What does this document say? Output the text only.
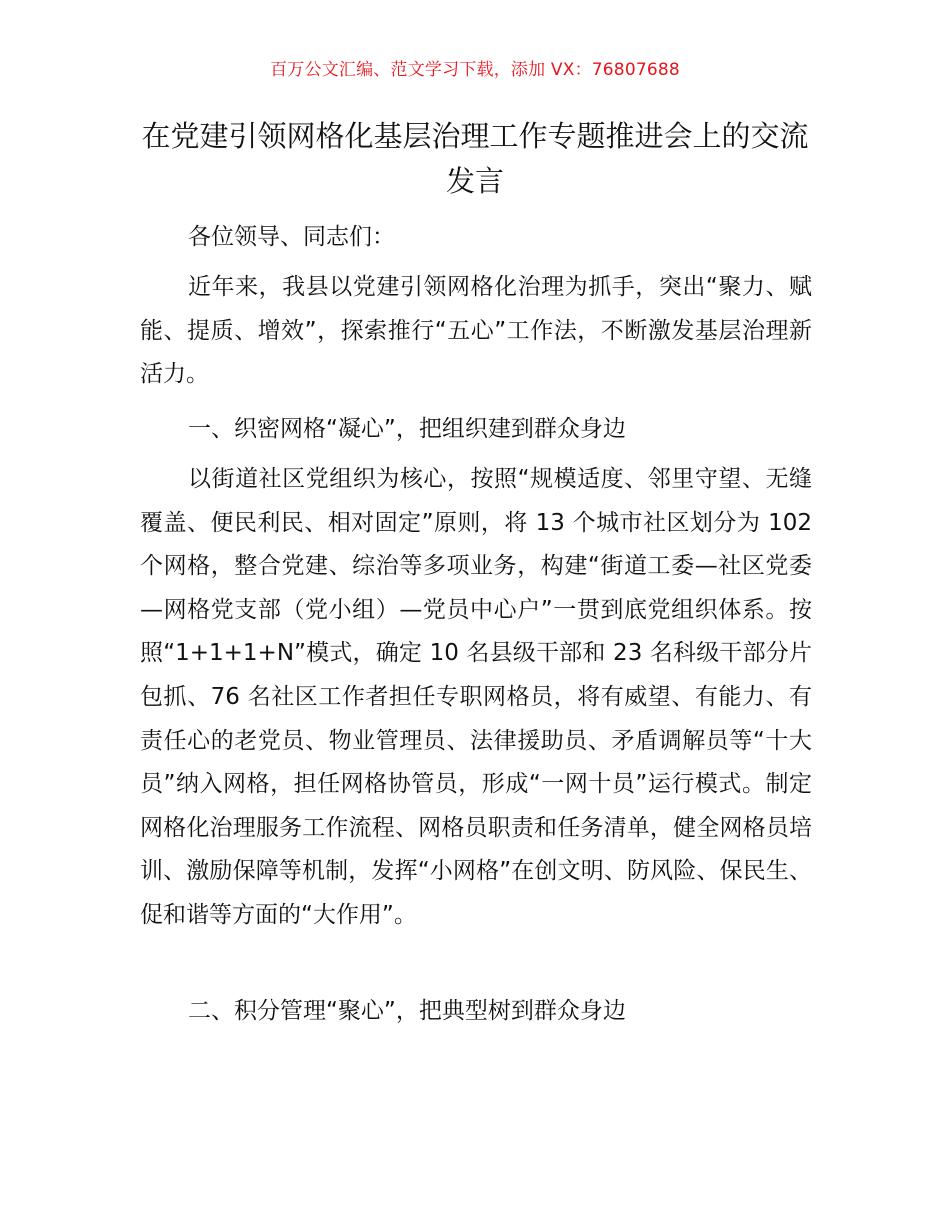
百万公文汇编、范文学习下载，添加 VX：76807688
在党建引领网格化基层治理工作专题推进会上的交流发言

各位领导、同志们：

近年来，我县以党建引领网格化治理为抓手，突出“聚力、赋能、提质、增效”，探索推行“五心”工作法，不断激发基层治理新活力。

一、织密网格“凝心”，把组织建到群众身边

以街道社区党组织为核心，按照“规模适度、邻里守望、无缝覆盖、便民利民、相对固定”原则，将 13 个城市社区划分为 102 个网格，整合党建、综治等多项业务，构建“街道工委—社区党委—网格党支部（党小组）—党员中心户”一贯到底党组织体系。按照“1+1+1+N”模式，确定 10 名县级干部和 23 名科级干部分片包抓、76 名社区工作者担任专职网格员，将有威望、有能力、有责任心的老党员、物业管理员、法律援助员、矛盾调解员等“十大员”纳入网格，担任网格协管员，形成“一网十员”运行模式。制定网格化治理服务工作流程、网格员职责和任务清单，健全网格员培训、激励保障等机制，发挥“小网格”在创文明、防风险、保民生、促和谐等方面的“大作用”。

二、积分管理“聚心”，把典型树到群众身边
